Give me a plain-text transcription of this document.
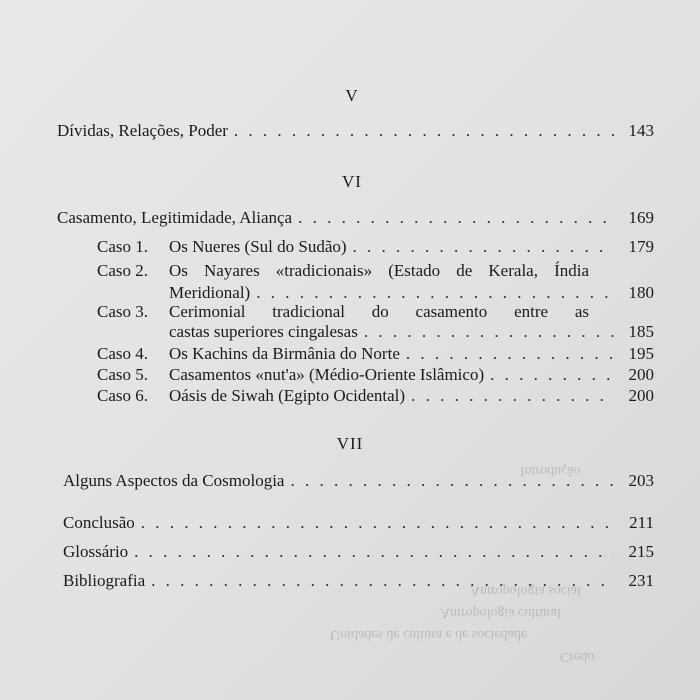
Introdução
Antropologia social
Antropologia cultural
Unidades de cultura e de sociedade
Credo
V
Dívidas, Relações, Poder . . .	143
VI
Casamento, Legitimidade, Aliança . . .	169
Caso 1.	Os Nueres (Sul do Sudão) . . .	179
Caso 2. Os Nayares «tradicionais» (Estado de Kerala, Índia
Meridional) . . .	180
Caso 3. Cerimonial tradicional do casamento entre as
castas superiores cingalesas . . .	185
Caso 4.	Os Kachins da Birmânia do Norte . . .	195
Caso 5.	Casamentos «nut'a» (Médio-Oriente Islâmico) . . .	200
Caso 6.	Oásis de Siwah (Egipto Ocidental) . . .	200
VII
Alguns Aspectos da Cosmologia . . .	203
Conclusão . . .	211
Glossário . . .	215
Bibliografia . . .	231
